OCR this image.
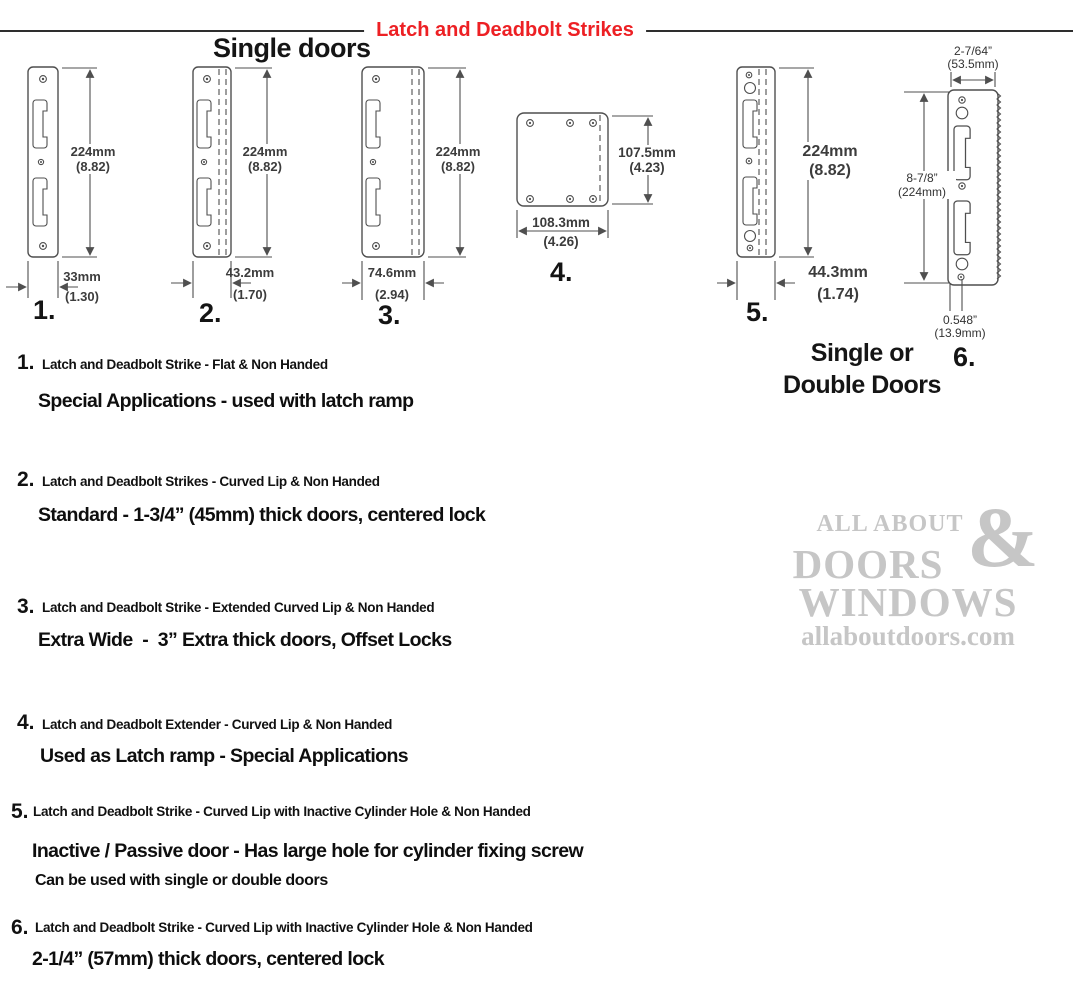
Latch and Deadbolt Strikes
Single doors
224mm
(8.82)
33mm
(1.30)
1.
224mm
(8.82)
43.2mm
(1.70)
2.
224mm
(8.82)
74.6mm
(2.94)
3.
107.5mm
(4.23)
108.3mm
(4.26)
4.
224mm
(8.82)
44.3mm
(1.74)
5.
2-7/64”
(53.5mm)
8-7/8”
(224mm)
0.548”
(13.9mm)
6.
Single or
Double Doors
1. Latch and Deadbolt Strike - Flat & Non Handed
Special Applications - used with latch ramp
2. Latch and Deadbolt Strikes - Curved Lip & Non Handed
Standard - 1-3/4” (45mm) thick doors, centered lock
3. Latch and Deadbolt Strike - Extended Curved Lip & Non Handed
Extra Wide  -  3” Extra thick doors, Offset Locks
4. Latch and Deadbolt Extender - Curved Lip & Non Handed
Used as Latch ramp - Special Applications
5. Latch and Deadbolt Strike - Curved Lip with Inactive Cylinder Hole & Non Handed
Inactive / Passive door - Has large hole for cylinder fixing screw
Can be used with single or double doors
6. Latch and Deadbolt Strike - Curved Lip with Inactive Cylinder Hole & Non Handed
2-1/4” (57mm) thick doors, centered lock
ALL ABOUT &
DOORS
WINDOWS
allaboutdoors.com
